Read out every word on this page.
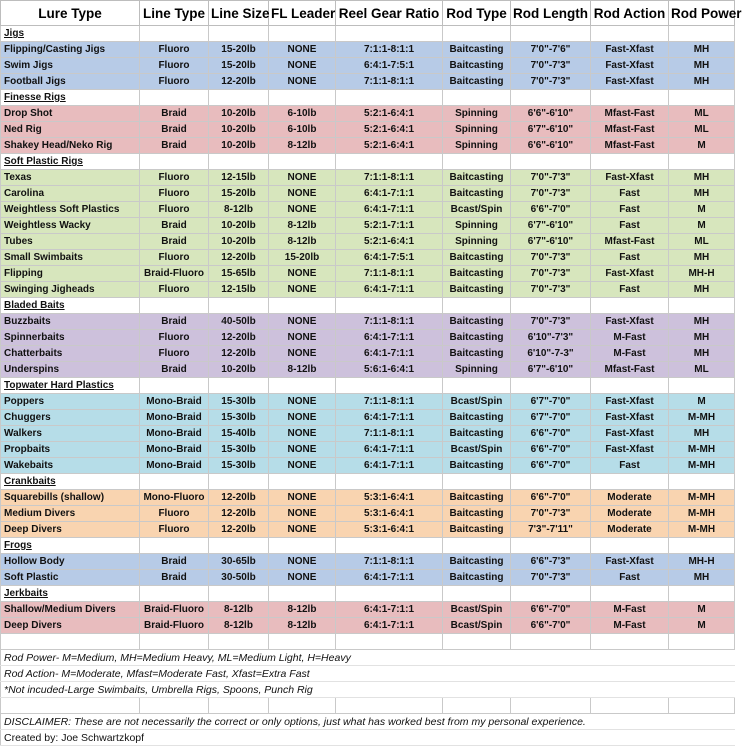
Lure Type	Line Type	Line Size	FL Leader	Reel Gear Ratio	Rod Type	Rod Length	Rod Action	Rod Power
Jigs								
Flipping/Casting Jigs	Fluoro	15-20lb	NONE	7:1:1-8:1:1	Baitcasting	7'0"-7'6"	Fast-Xfast	MH
Swim Jigs	Fluoro	15-20lb	NONE	6:4:1-7:5:1	Baitcasting	7'0"-7'3"	Fast-Xfast	MH
Football Jigs	Fluoro	12-20lb	NONE	7:1:1-8:1:1	Baitcasting	7'0"-7'3"	Fast-Xfast	MH
Finesse Rigs								
Drop Shot	Braid	10-20lb	6-10lb	5:2:1-6:4:1	Spinning	6'6"-6'10"	Mfast-Fast	ML
Ned Rig	Braid	10-20lb	6-10lb	5:2:1-6:4:1	Spinning	6'7"-6'10"	Mfast-Fast	ML
Shakey Head/Neko Rig	Braid	10-20lb	8-12lb	5:2:1-6:4:1	Spinning	6'6"-6'10"	Mfast-Fast	M
Soft Plastic Rigs								
Texas	Fluoro	12-15lb	NONE	7:1:1-8:1:1	Baitcasting	7'0"-7'3"	Fast-Xfast	MH
Carolina	Fluoro	15-20lb	NONE	6:4:1-7:1:1	Baitcasting	7'0"-7'3"	Fast	MH
Weightless Soft Plastics	Fluoro	8-12lb	NONE	6:4:1-7:1:1	Bcast/Spin	6'6"-7'0"	Fast	M
Weightless Wacky	Braid	10-20lb	8-12lb	5:2:1-7:1:1	Spinning	6'7"-6'10"	Fast	M
Tubes	Braid	10-20lb	8-12lb	5:2:1-6:4:1	Spinning	6'7"-6'10"	Mfast-Fast	ML
Small Swimbaits	Fluoro	12-20lb	15-20lb	6:4:1-7:5:1	Baitcasting	7'0"-7'3"	Fast	MH
Flipping	Braid-Fluoro	15-65lb	NONE	7:1:1-8:1:1	Baitcasting	7'0"-7'3"	Fast-Xfast	MH-H
Swinging Jigheads	Fluoro	12-15lb	NONE	6:4:1-7:1:1	Baitcasting	7'0"-7'3"	Fast	MH
Bladed Baits								
Buzzbaits	Braid	40-50lb	NONE	7:1:1-8:1:1	Baitcasting	7'0"-7'3"	Fast-Xfast	MH
Spinnerbaits	Fluoro	12-20lb	NONE	6:4:1-7:1:1	Baitcasting	6'10"-7'3"	M-Fast	MH
Chatterbaits	Fluoro	12-20lb	NONE	6:4:1-7:1:1	Baitcasting	6'10"-7-3"	M-Fast	MH
Underspins	Braid	10-20lb	8-12lb	5:6:1-6:4:1	Spinning	6'7"-6'10"	Mfast-Fast	ML
Topwater Hard Plastics								
Poppers	Mono-Braid	15-30lb	NONE	7:1:1-8:1:1	Bcast/Spin	6'7"-7'0"	Fast-Xfast	M
Chuggers	Mono-Braid	15-30lb	NONE	6:4:1-7:1:1	Baitcasting	6'7"-7'0"	Fast-Xfast	M-MH
Walkers	Mono-Braid	15-40lb	NONE	7:1:1-8:1:1	Baitcasting	6'6"-7'0"	Fast-Xfast	MH
Propbaits	Mono-Braid	15-30lb	NONE	6:4:1-7:1:1	Bcast/Spin	6'6"-7'0"	Fast-Xfast	M-MH
Wakebaits	Mono-Braid	15-30lb	NONE	6:4:1-7:1:1	Baitcasting	6'6"-7'0"	Fast	M-MH
Crankbaits								
Squarebills (shallow)	Mono-Fluoro	12-20lb	NONE	5:3:1-6:4:1	Baitcasting	6'6"-7'0"	Moderate	M-MH
Medium Divers	Fluoro	12-20lb	NONE	5:3:1-6:4:1	Baitcasting	7'0"-7'3"	Moderate	M-MH
Deep Divers	Fluoro	12-20lb	NONE	5:3:1-6:4:1	Baitcasting	7'3"-7'11"	Moderate	M-MH
Frogs								
Hollow Body	Braid	30-65lb	NONE	7:1:1-8:1:1	Baitcasting	6'6"-7'3"	Fast-Xfast	MH-H
Soft Plastic	Braid	30-50lb	NONE	6:4:1-7:1:1	Baitcasting	7'0"-7'3"	Fast	MH
Jerkbaits								
Shallow/Medium Divers	Braid-Fluoro	8-12lb	8-12lb	6:4:1-7:1:1	Bcast/Spin	6'6"-7'0"	M-Fast	M
Deep Divers	Braid-Fluoro	8-12lb	8-12lb	6:4:1-7:1:1	Bcast/Spin	6'6"-7'0"	M-Fast	M

Rod Power- M=Medium, MH=Medium Heavy, ML=Medium Light, H=Heavy								
Rod Action- M=Moderate, Mfast=Moderate Fast, Xfast=Extra Fast								
*Not incuded-Large Swimbaits, Umbrella Rigs, Spoons, Punch Rig								

DISCLAIMER: These are not necessarily the correct or only options, just what has worked best from my personal experience.								
Created by: Joe Schwartzkopf								
